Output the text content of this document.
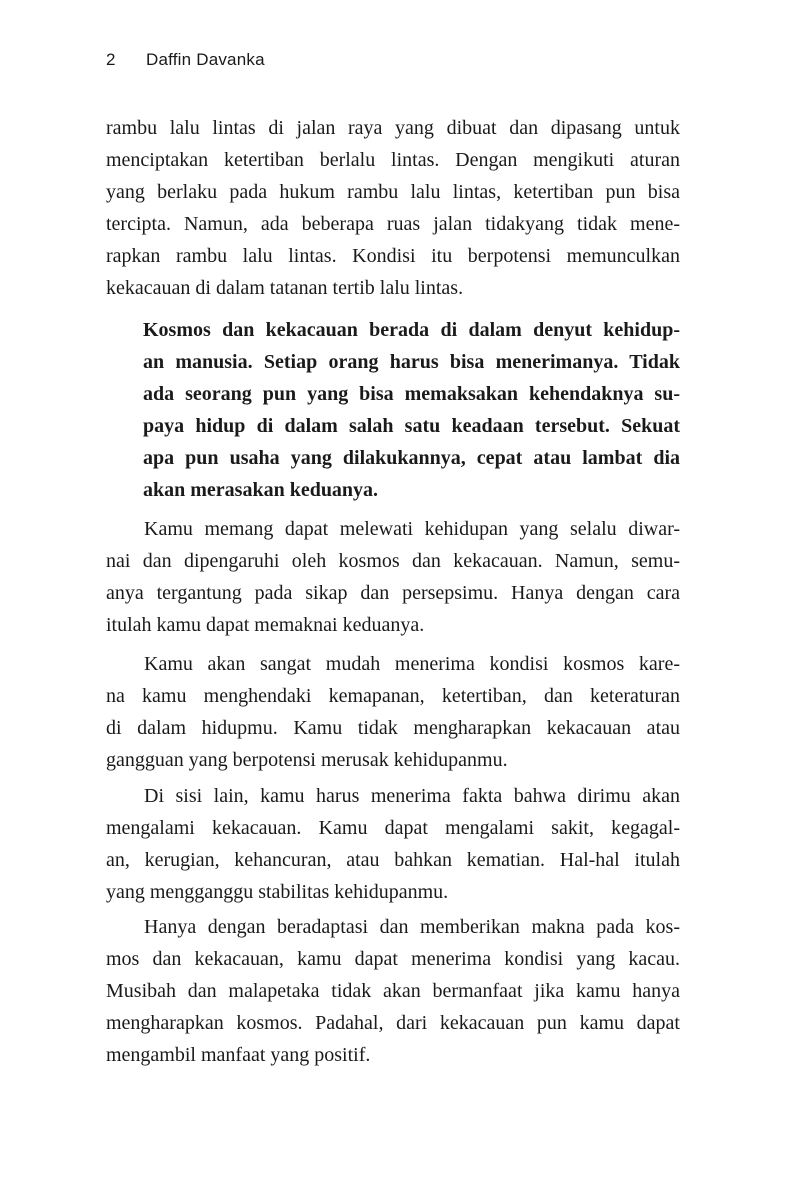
2 Daffin Davanka
rambu lalu lintas di jalan raya yang dibuat dan dipasang untuk
menciptakan ketertiban berlalu lintas. Dengan mengikuti aturan
yang berlaku pada hukum rambu lalu lintas, ketertiban pun bisa
tercipta. Namun, ada beberapa ruas jalan tidakyang tidak mene-
rapkan rambu lalu lintas. Kondisi itu berpotensi memunculkan
kekacauan di dalam tatanan tertib lalu lintas.
Kosmos dan kekacauan berada di dalam denyut kehidup-
an manusia. Setiap orang harus bisa menerimanya. Tidak
ada seorang pun yang bisa memaksakan kehendaknya su-
paya hidup di dalam salah satu keadaan tersebut. Sekuat
apa pun usaha yang dilakukannya, cepat atau lambat dia
akan merasakan keduanya.
Kamu memang dapat melewati kehidupan yang selalu diwar-
nai dan dipengaruhi oleh kosmos dan kekacauan. Namun, semu-
anya tergantung pada sikap dan persepsimu. Hanya dengan cara
itulah kamu dapat memaknai keduanya.
Kamu akan sangat mudah menerima kondisi kosmos kare-
na kamu menghendaki kemapanan, ketertiban, dan keteraturan
di dalam hidupmu. Kamu tidak mengharapkan kekacauan atau
gangguan yang berpotensi merusak kehidupanmu.
Di sisi lain, kamu harus menerima fakta bahwa dirimu akan
mengalami kekacauan. Kamu dapat mengalami sakit, kegagal-
an, kerugian, kehancuran, atau bahkan kematian. Hal-hal itulah
yang mengganggu stabilitas kehidupanmu.
Hanya dengan beradaptasi dan memberikan makna pada kos-
mos dan kekacauan, kamu dapat menerima kondisi yang kacau.
Musibah dan malapetaka tidak akan bermanfaat jika kamu hanya
mengharapkan kosmos. Padahal, dari kekacauan pun kamu dapat
mengambil manfaat yang positif.
